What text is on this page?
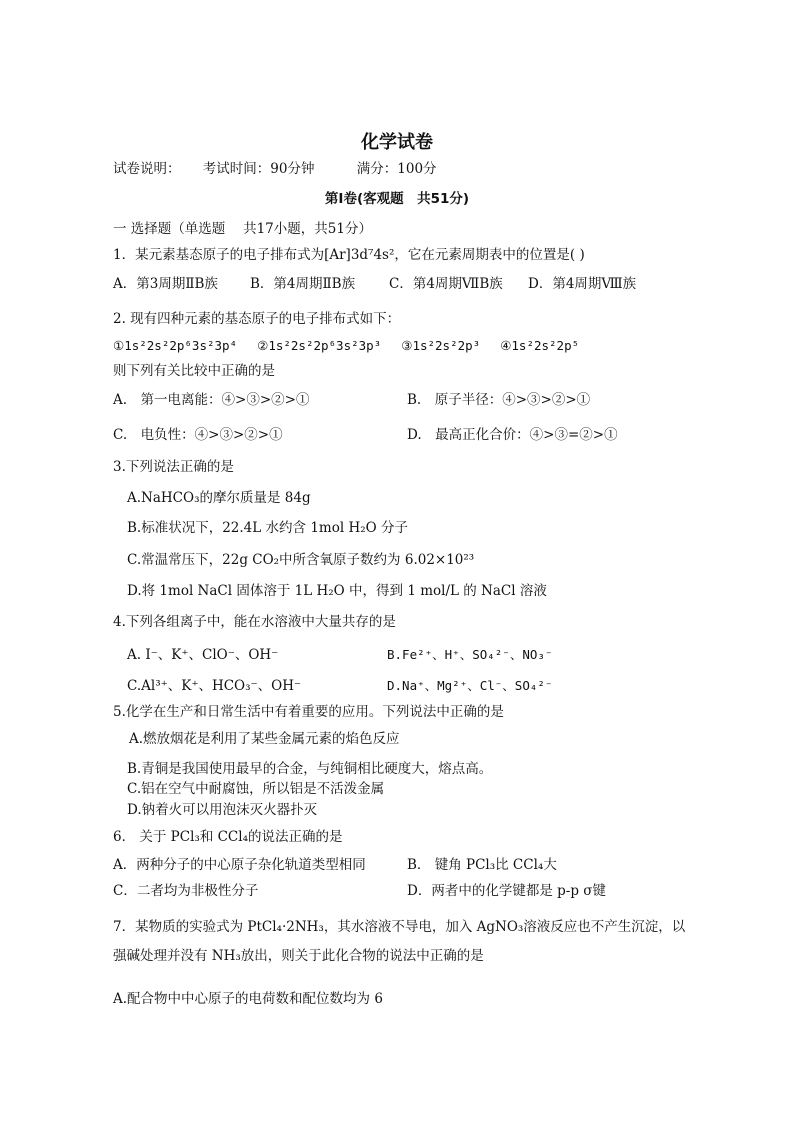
化学试卷
试卷说明： 考试时间：90分钟	满分：100分
第Ⅰ卷(客观题　共51分)
一 选择题（单选题　 共17小题，共51分）
1．某元素基态原子的电子排布式为[Ar]3d⁷4s²，它在元素周期表中的位置是( )
A．第3周期ⅡB族 B．第4周期ⅡB族	C．第4周期ⅦB族 D．第4周期Ⅷ族
2. 现有四种元素的基态原子的电子排布式如下：
①1s²2s²2p⁶3s²3p⁴　 ②1s²2s²2p⁶3s²3p³　 ③1s²2s²2p³　 ④1s²2s²2p⁵
则下列有关比较中正确的是
A.　第一电离能：④>③>②>①	B.　原子半径：④>③>②>①
C.　电负性：④>③>②>①	D.　最高正化合价：④>③=②>①
3.下列说法正确的是
A.NaHCO₃的摩尔质量是 84g
B.标准状况下，22.4L 水约含 1mol H₂O 分子
C.常温常压下，22g CO₂中所含氧原子数约为 6.02×10²³
D.将 1mol NaCl 固体溶于 1L H₂O 中，得到 1 mol/L 的 NaCl 溶液
4.下列各组离子中，能在水溶液中大量共存的是
A. I⁻、K⁺、ClO⁻、OH⁻	B.Fe²⁺、H⁺、SO₄²⁻、NO₃⁻
C.Al³⁺、K⁺、HCO₃⁻、OH⁻	D.Na⁺、Mg²⁺、Cl⁻、SO₄²⁻
5.化学在生产和日常生活中有着重要的应用。下列说法中正确的是
A.燃放烟花是利用了某些金属元素的焰色反应
B.青铜是我国使用最早的合金，与纯铜相比硬度大，熔点高。
C.铝在空气中耐腐蚀，所以铝是不活泼金属
D.钠着火可以用泡沫灭火器扑灭
6． 关于 PCl₃和 CCl₄的说法正确的是
A．两种分子的中心原子杂化轨道类型相同	B． 键角 PCl₃比 CCl₄大
C．二者均为非极性分子	D．两者中的化学键都是 p-p σ键
7．某物质的实验式为 PtCl₄·2NH₃，其水溶液不导电，加入 AgNO₃溶液反应也不产生沉淀，以
强碱处理并没有 NH₃放出，则关于此化合物的说法中正确的是
A.配合物中中心原子的电荷数和配位数均为 6
